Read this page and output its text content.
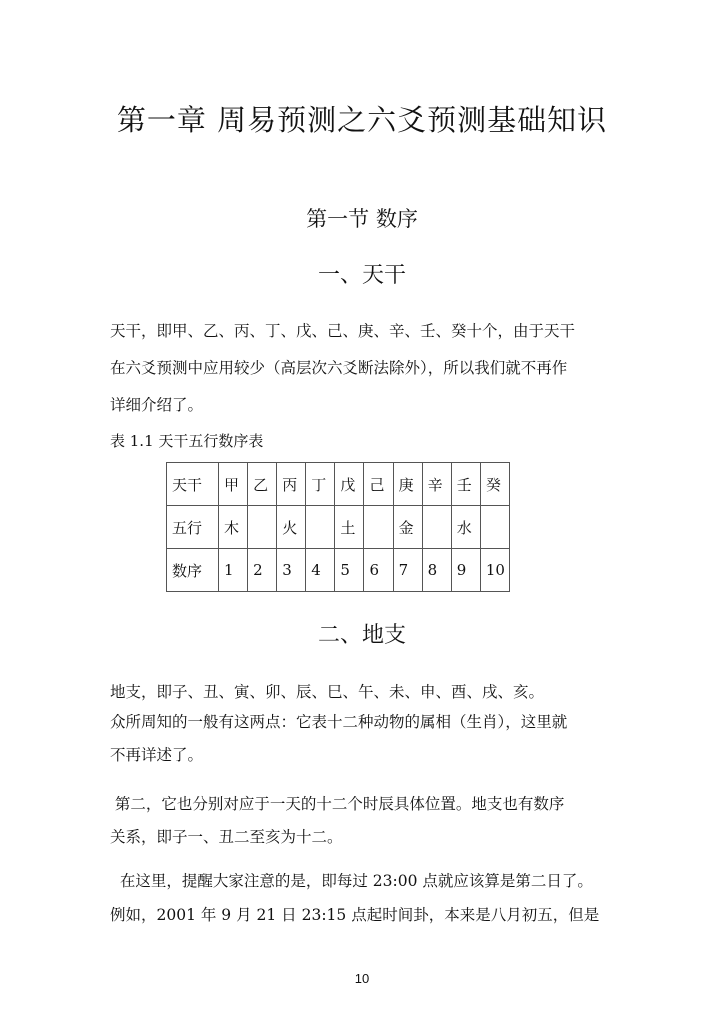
第一章 周易预测之六爻预测基础知识
第一节 数序
一、天干
天干，即甲、乙、丙、丁、戊、己、庚、辛、壬、癸十个，由于天干
在六爻预测中应用较少（高层次六爻断法除外），所以我们就不再作
详细介绍了。
表 1.1 天干五行数序表
天干	甲	乙	丙	丁	戊	己	庚	辛	壬	癸
五行	木		火		土		金		水	
数序	1	2	3	4	5	6	7	8	9	10
二、地支
地支，即子、丑、寅、卯、辰、巳、午、未、申、酉、戌、亥。
众所周知的一般有这两点：它表十二种动物的属相（生肖），这里就
不再详述了。
第二，它也分别对应于一天的十二个时辰具体位置。地支也有数序
关系，即子一、丑二至亥为十二。
在这里，提醒大家注意的是，即每过 23:00 点就应该算是第二日了。
例如，2001 年 9 月 21 日 23:15 点起时间卦，本来是八月初五，但是
10
